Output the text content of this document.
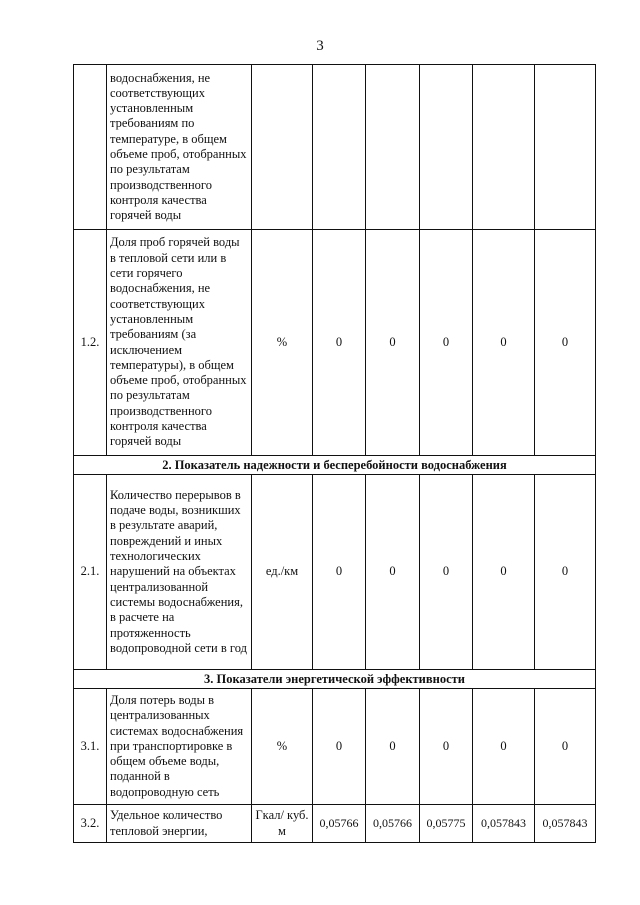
3
	водоснабжения, не соответствующих установленным требованиям по температуре, в общем объеме проб, отобранных по результатам производственного контроля качества горячей воды						
1.2.	Доля проб горячей воды в тепловой сети или в сети горячего водоснабжения, не соответствующих установленным требованиям (за исключением температуры), в общем объеме проб, отобранных по результатам производственного контроля качества горячей воды	%	0	0	0	0	0
2. Показатель надежности и бесперебойности водоснабжения							
2.1.	Количество перерывов в подаче воды, возникших в результате аварий, повреждений и иных технологических нарушений на объектах централизованной системы водоснабжения, в расчете на протяженность водопроводной сети в год	ед./км	0	0	0	0	0
3. Показатели энергетической эффективности							
3.1.	Доля потерь воды в централизованных системах водоснабжения при транспортировке в общем объеме воды, поданной в водопроводную сеть	%	0	0	0	0	0
3.2.	Удельное количество тепловой энергии,	Гкал/ куб. м	0,05766	0,05766	0,05775	0,057843	0,057843
